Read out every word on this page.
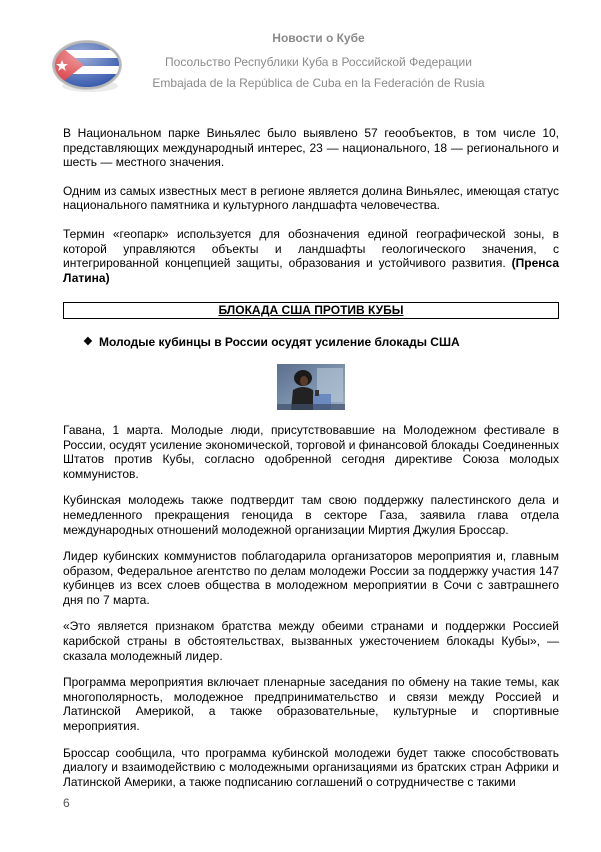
Новости о Кубе
Посольство Республики Куба в Российской Федерации
Embajada de la República de Cuba en la Federación de Rusia

В Национальном парке Виньялес было выявлено 57 геообъектов, в том числе 10, представляющих международный интерес, 23 — национального, 18 — регионального и шесть — местного значения.

Одним из самых известных мест в регионе является долина Виньялес, имеющая статус национального памятника и культурного ландшафта человечества.

Термин «геопарк» используется для обозначения единой географической зоны, в которой управляются объекты и ландшафты геологического значения, с интегрированной концепцией защиты, образования и устойчивого развития. (Пренса Латина)

БЛОКАДА США ПРОТИВ КУБЫ
❖ Молодые кубинцы в России осудят усиление блокады США

Гавана, 1 марта. Молодые люди, присутствовавшие на Молодежном фестивале в России, осудят усиление экономической, торговой и финансовой блокады Соединенных Штатов против Кубы, согласно одобренной сегодня директиве Союза молодых коммунистов.

Кубинская молодежь также подтвердит там свою поддержку палестинского дела и немедленного прекращения геноцида в секторе Газа, заявила глава отдела международных отношений молодежной организации Миртия Джулия Броссар.

Лидер кубинских коммунистов поблагодарила организаторов мероприятия и, главным образом, Федеральное агентство по делам молодежи России за поддержку участия 147 кубинцев из всех слоев общества в молодежном мероприятии в Сочи с завтрашнего дня по 7 марта.

«Это является признаком братства между обеими странами и поддержки Россией карибской страны в обстоятельствах, вызванных ужесточением блокады Кубы», — сказала молодежный лидер.

Программа мероприятия включает пленарные заседания по обмену на такие темы, как многополярность, молодежное предпринимательство и связи между Россией и Латинской Америкой, а также образовательные, культурные и спортивные мероприятия.

Броссар сообщила, что программа кубинской молодежи будет также способствовать диалогу и взаимодействию с молодежными организациями из братских стран Африки и Латинской Америки, а также подписанию соглашений о сотрудничестве с такими

6
